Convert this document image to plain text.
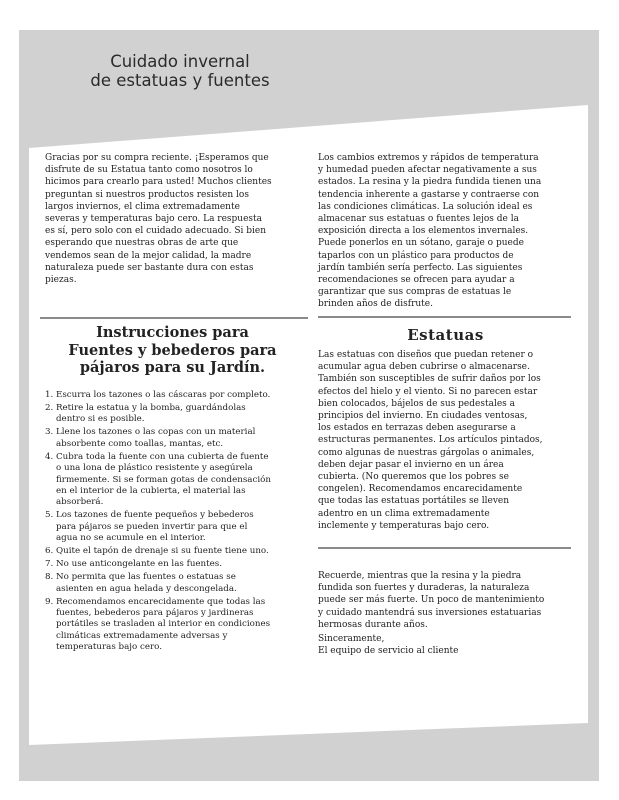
Cuidado invernal
de estatuas y fuentes

Gracias por su compra reciente. ¡Esperamos que
disfrute de su Estatua tanto como nosotros lo
hicimos para crearlo para usted! Muchos clientes
preguntan si nuestros productos resisten los
largos inviernos, el clima extremadamente
severas y temperaturas bajo cero. La respuesta
es sí, pero solo con el cuidado adecuado. Si bien
esperando que nuestras obras de arte que
vendemos sean de la mejor calidad, la madre
naturaleza puede ser bastante dura con estas
piezas.

Los cambios extremos y rápidos de temperatura
y humedad pueden afectar negativamente a sus
estados. La resina y la piedra fundida tienen una
tendencia inherente a gastarse y contraerse con
las condiciones climáticas. La solución ideal es
almacenar sus estatuas o fuentes lejos de la
exposición directa a los elementos invernales.
Puede ponerlos en un sótano, garaje o puede
taparlos con un plástico para productos de
jardín también sería perfecto. Las siguientes
recomendaciones se ofrecen para ayudar a
garantizar que sus compras de estatuas le
brinden años de disfrute.

Instrucciones para
Fuentes y bebederos para
pájaros para su Jardín.
1. Escurra los tazones o las cáscaras por completo.
2. Retire la estatua y la bomba, guardándolas
dentro si es posible.
3. Llene los tazones o las copas con un material
absorbente como toallas, mantas, etc.
4. Cubra toda la fuente con una cubierta de fuente
o una lona de plástico resistente y asegúrela
firmemente. Si se forman gotas de condensación
en el interior de la cubierta, el material las
absorberá.
5. Los tazones de fuente pequeños y bebederos
para pájaros se pueden invertir para que el
agua no se acumule en el interior.
6. Quite el tapón de drenaje si su fuente tiene uno.
7. No use anticongelante en las fuentes.
8. No permita que las fuentes o estatuas se
asienten en agua helada y descongelada.
9. Recomendamos encarecidamente que todas las
fuentes, bebederos para pájaros y jardineras
portátiles se trasladen al interior en condiciones
climáticas extremadamente adversas y
temperaturas bajo cero.
Estatuas

Las estatuas con diseños que puedan retener o
acumular agua deben cubrirse o almacenarse.
También son susceptibles de sufrir daños por los
efectos del hielo y el viento. Si no parecen estar
bien colocados, bájelos de sus pedestales a
principios del invierno. En ciudades ventosas,
los estados en terrazas deben asegurarse a
estructuras permanentes. Los artículos pintados,
como algunas de nuestras gárgolas o animales,
deben dejar pasar el invierno en un área
cubierta. (No queremos que los pobres se
congelen). Recomendamos encarecidamente
que todas las estatuas portátiles se lleven
adentro en un clima extremadamente
inclemente y temperaturas bajo cero.

Recuerde, mientras que la resina y la piedra
fundida son fuertes y duraderas, la naturaleza
puede ser más fuerte. Un poco de mantenimiento
y cuidado mantendrá sus inversiones estatuarias
hermosas durante años.

Sinceramente,
El equipo de servicio al cliente
